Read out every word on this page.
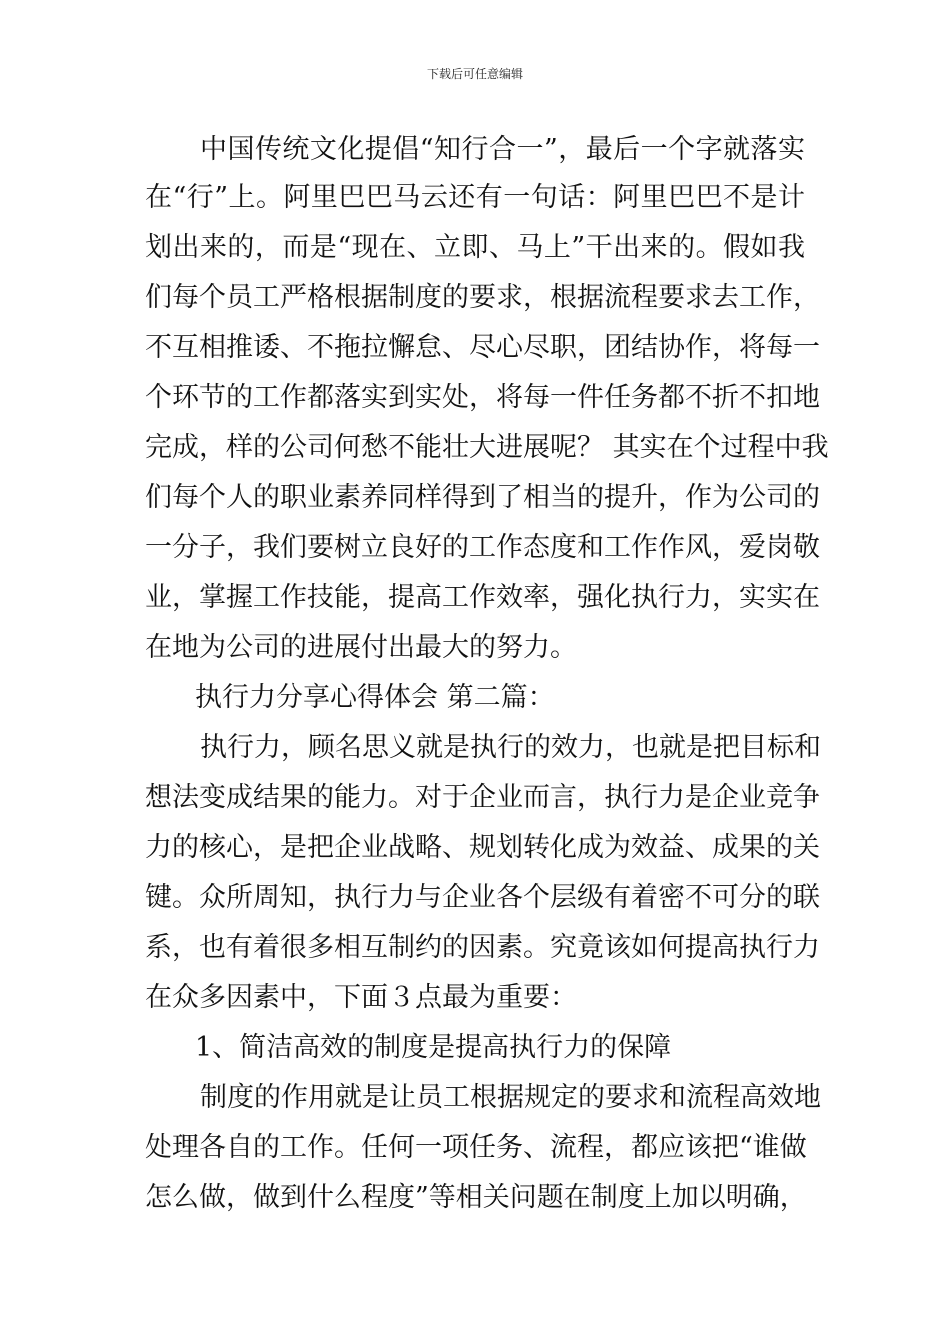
下载后可任意编辑
中国传统文化提倡“知行合一”，最后一个字就落实
在“行”上。阿里巴巴马云还有一句话：阿里巴巴不是计
划出来的，而是“现在、立即、马上”干出来的。假如我
们每个员工严格根据制度的要求，根据流程要求去工作，
不互相推诿、不拖拉懈怠、尽心尽职，团结协作，将每一
个环节的工作都落实到实处，将每一件任务都不折不扣地
完成，样的公司何愁不能壮大进展呢？ 其实在个过程中我
们每个人的职业素养同样得到了相当的提升，作为公司的
一分子，我们要树立良好的工作态度和工作作风，爱岗敬
业，掌握工作技能，提高工作效率，强化执行力，实实在
在地为公司的进展付出最大的努力。
执行力分享心得体会 第二篇：
执行力，顾名思义就是执行的效力，也就是把目标和
想法变成结果的能力。对于企业而言，执行力是企业竞争
力的核心，是把企业战略、规划转化成为效益、成果的关
键。众所周知，执行力与企业各个层级有着密不可分的联
系，也有着很多相互制约的因素。究竟该如何提高执行力
在众多因素中，下面３点最为重要：
1、简洁高效的制度是提高执行力的保障
制度的作用就是让员工根据规定的要求和流程高效地
处理各自的工作。任何一项任务、流程，都应该把“谁做
怎么做，做到什么程度”等相关问题在制度上加以明确，
